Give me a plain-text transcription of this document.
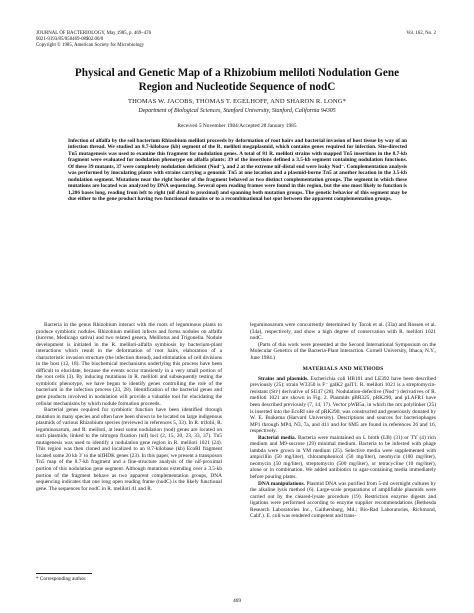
JOURNAL OF BACTERIOLOGY, May 1985, p. 469–476
0021-9193/85/050469-08$02.00/0
Copyright © 1985, American Society for Microbiology
Vol. 162, No. 2
Physical and Genetic Map of a Rhizobium meliloti Nodulation Gene
Region and Nucleotide Sequence of nodC
THOMAS W. JACOBS, THOMAS T. EGELHOFF, AND SHARON R. LONG*
Department of Biological Sciences, Stanford University, Stanford, California 94305
Received 5 November 1984/Accepted 28 January 1985
Infection of alfalfa by the soil bacterium Rhizobium meliloti proceeds by deformation of root hairs and bacterial invasion of host tissue by way of an infection thread. We studied an 8.7-kilobase (kb) segment of the R. meliloti megaplasmid, which contains genes required for infection. Site-directed Tn5 mutagenesis was used to examine this fragment for nodulation genes. A total of 81 R. meliloti strains with mapped Tn5 insertions in the 8.7-kb fragment were evaluated for nodulation phenotype on alfalfa plants; 39 of the insertions defined a 3.5-kb segment containing nodulation functions. Of these 39 mutants, 37 were completely nodulation deficient (Nod⁻), and 2 at the extreme nif-distal end were leaky Nod⁻. Complementation analysis was performed by inoculating plants with strains carrying a genomic Tn5 at one location and a plasmid-borne Tn5 at another location in the 3.5-kb nodulation segment. Mutations near the right border of the fragment behaved as two distinct complementation groups. The segment in which these mutations are located was analyzed by DNA sequencing. Several open reading frames were found in this region, but the one most likely to function is 1,206 bases long, reading from left to right (nif distal to proximal) and spanning both mutation groups. The genetic behavior of this segment may be due either to the gene product having two functional domains or to a recombinational hot spot between the apparent complementation groups.

Bacteria in the genus Rhizobium interact with the roots of leguminous plants to produce symbiotic nodules. Rhizobium meliloti infects and forms nodules on alfalfa (lucerne, Medicago sativa) and two related genera, Melilotus and Trigonella. Nodule development is initiated in the R. meliloti-alfalfa symbiosis by bacterium-plant interactions which result in the deformation of root hairs, elaboration of a characteristic invasion structure (the infection thread), and stimulation of cell divisions in the host (12, 18). The biochemical mechanisms underlying this process have been difficult to elucidate, because the events occur transiently in a very small portion of the root cells (3). By inducing mutations in R. meliloti and subsequently testing the symbiotic phenotype, we have begun to identify genes controlling the role of the bacterium in the infection process (23, 28). Identification of the bacterial genes and gene products involved in nodulation will provide a valuable tool for elucidating the cellular mechanisms by which nodule formation proceeds.

Bacterial genes required for symbiotic function have been identified through mutation in many species and often have been shown to be located on large indigenous plasmids of various Rhizobium species (reviewed in references 5, 33). In R. trifolii, R. leguminosarum, and R. meliloti, at least some nodulation (nod) genes are located on such plasmids, linked to the nitrogen fixation (nif) loci (2, 15, 20, 23, 33, 37). Tn5 mutagenesis was used to identify a nodulation gene region in R. meliloti 1021 (24). This region was then cloned and localized to an 8.7-kilobase (kb) EcoRI fragment located some 20 kb 3′ to the nifHDK genes (23). In this paper, we present a transposon Tn5 map of the 8.7-kb fragment and a fine-structure analysis of the nif-proximal portion of this nodulation gene segment. Although mutations extending over a 3.5-kb portion of the fragment behave as two apparent complementation groups, DNA sequencing indicates that one long open reading frame (nodC) is the likely functional gene. The sequences for nodC in R. meliloti 41 and R.

leguminosarum were concurrently determined by Torok et al. (33a) and Rossen et al. (34a), respectively, and show a high degree of conservation with R. meliloti 1021 nodC.

(Parts of this work were presented at the Second International Symposium on the Molecular Genetics of the Bacteria-Plant Interaction. Cornell University, Ithaca, N.Y., June 1984.)

MATERIALS AND METHODS

Strains and plasmids. Escherichia coli HB101 and LE392 have been described previously (25); strain W3350 is F⁻ galK2 galT1. R. meliloti 1021 is a streptomycin-resistant (Strʳ) derivative of SU47 (28). Nodulation-defective (Nod⁻) derivatives of R. meliloti 1021 are shown in Fig. 2. Plasmids pBR325, pRK290, and pLAFR1 have been described previously (7, 14, 17). Vector pWB5a, in which the nrx.polylinker (25) is inserted into the EcoRI site of pRK290, was constructed and generously donated by W. E. Buikema (Harvard University). Descriptions and sources for bacteriophages MP1 through MP4, N3, 7a, and d11 and for 6M5 are found in references 26 and 16, respectively.

Bacterial media. Bacteria were maintained on L broth (LB) (31) or TY (4) rich medium and M9-sucrose (29) minimal medium. Bacteria to be infected with phage lambda were grown in YM medium (25). Selective media were supplemented with ampicillin (50 mg/liter), chloramphenicol (50 mg/liter), neomycin (100 mg/liter), neomycin (50 mg/liter), streptomycin (500 mg/liter), or tetracycline (10 mg/liter), alone or in combination. We added antibiotics to agar-containing media immediately before pouring plates.

DNA manipulations. Plasmid DNA was purified from 5-ml overnight cultures by the alkaline lysis method (6). Large-scale preparations of amplifiable plasmids were carried out by the cleared-lysate procedure (19). Restriction enzyme digests and ligations were performed according to enzyme supplier recommendations (Bethesda Research Laboratories Inc., Gaithersburg, Md.; Bio-Rad Laboratories, Richmond, Calif.). E. coli was rendered competent and trans-

* Corresponding author.
469
